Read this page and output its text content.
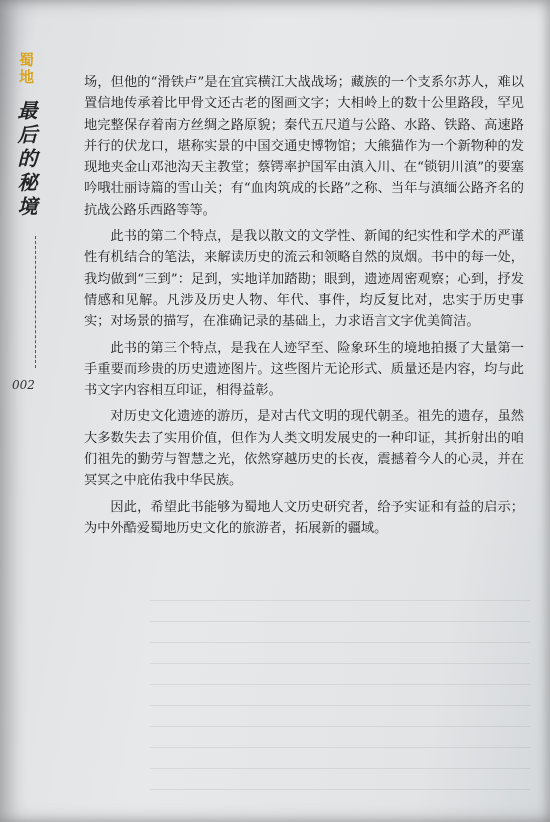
蜀地
最后的秘境
002

场，但他的“滑铁卢”是在宜宾横江大战战场；藏族的一个支系尔苏人，难以置信地传承着比甲骨文还古老的图画文字；大相岭上的数十公里路段，罕见地完整保存着南方丝绸之路原貌；秦代五尺道与公路、水路、铁路、高速路并行的伏龙口，堪称实景的中国交通史博物馆；大熊猫作为一个新物种的发现地夹金山邓池沟天主教堂；蔡锷率护国军由滇入川、在“锁钥川滇”的要塞吟哦壮丽诗篇的雪山关；有“血肉筑成的长路”之称、当年与滇缅公路齐名的抗战公路乐西路等等。

此书的第二个特点，是我以散文的文学性、新闻的纪实性和学术的严谨性有机结合的笔法，来解读历史的流云和领略自然的岚烟。书中的每一处，我均做到“三到”：足到，实地详加踏勘；眼到，遗迹周密观察；心到，抒发情感和见解。凡涉及历史人物、年代、事件，均反复比对，忠实于历史事实；对场景的描写，在准确记录的基础上，力求语言文字优美简洁。

此书的第三个特点，是我在人迹罕至、险象环生的境地拍摄了大量第一手重要而珍贵的历史遗迹图片。这些图片无论形式、质量还是内容，均与此书文字内容相互印证，相得益彰。

对历史文化遗迹的游历，是对古代文明的现代朝圣。祖先的遗存，虽然大多数失去了实用价值，但作为人类文明发展史的一种印证，其折射出的咱们祖先的勤劳与智慧之光，依然穿越历史的长夜，震撼着今人的心灵，并在冥冥之中庇佑我中华民族。

因此，希望此书能够为蜀地人文历史研究者，给予实证和有益的启示；为中外酷爱蜀地历史文化的旅游者，拓展新的疆域。
